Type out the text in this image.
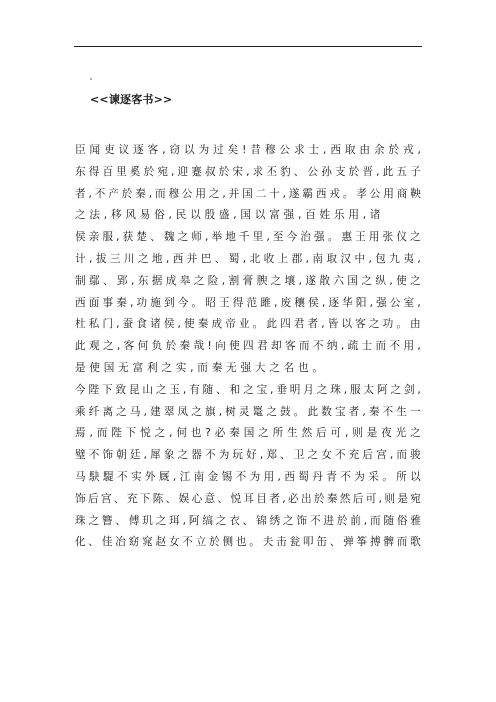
<<谏逐客书>>
臣 闻 吏 议 逐 客 , 窃 以 为 过 矣 ! 昔 穆 公 求 士 , 西 取 由 余 於 戎 ,
东 得 百 里 奚 於 宛 , 迎 蹇 叔 於 宋 , 求 丕 豹 、 公 孙 支 於 晋 , 此 五 子
者 , 不 产 於 秦 , 而 穆 公 用 之 , 并 国 二 十 , 遂 霸 西 戎 。 孝 公 用 商 鞅
之 法 , 移 风 易 俗 , 民 以 殷 盛 , 国 以 富 强 , 百 姓 乐 用 , 诸
侯 亲 服 , 获 楚 、 魏 之 师 , 举 地 千 里 , 至 今 治 强 。 惠 王 用 张 仪 之
计 , 拔 三 川 之 地 , 西 并 巴 、 蜀 , 北 收 上 郡 , 南 取 汉 中 , 包 九 夷 ,
制 鄢 、 郢 , 东 据 成 皋 之 险 , 割 膏 腴 之 壤 , 遂 散 六 国 之 纵 , 使 之
西 面 事 秦 , 功 施 到 今 。 昭 王 得 范 雎 , 废 穰 侯 , 逐 华 阳 , 强 公 室 ,
杜 私 门 , 蚕 食 诸 侯 , 使 秦 成 帝 业 。 此 四 君 者 , 皆 以 客 之 功 。 由
此 观 之 , 客 何 负 於 秦 哉 ! 向 使 四 君 却 客 而 不 纳 , 疏 士 而 不 用 ,
是 使 国 无 富 利 之 实 , 而 秦 无 强 大 之 名 也 。
今 陛 下 致 昆 山 之 玉 , 有 随 、 和 之 宝 , 垂 明 月 之 珠 , 服 太 阿 之 剑 ,
乘 纤 离 之 马 , 建 翠 凤 之 旗 , 树 灵 鼍 之 鼓 。 此 数 宝 者 , 秦 不 生 一
焉 , 而 陛 下 悦 之 , 何 也 ? 必 秦 国 之 所 生 然 后 可 , 则 是 夜 光 之
璧 不 饰 朝 廷 , 犀 象 之 器 不 为 玩 好 , 郑 、 卫 之 女 不 充 后 宫 , 而 骏
马 駃 騠 不 实 外 厩 , 江 南 金 锡 不 为 用 , 西 蜀 丹 青 不 为 采 。 所 以
饰 后 宫 、 充 下 陈 、 娱 心 意 、 悦 耳 目 者 , 必 出 於 秦 然 后 可 , 则 是 宛
珠 之 簪 、 傅 玑 之 珥 , 阿 缟 之 衣 、 锦 绣 之 饰 不 进 於 前 , 而 随 俗 雅
化 、 佳 冶 窈 窕 赵 女 不 立 於 侧 也 。 夫 击 瓮 叩 缶 、 弹 筝 搏 髀 而 歌
